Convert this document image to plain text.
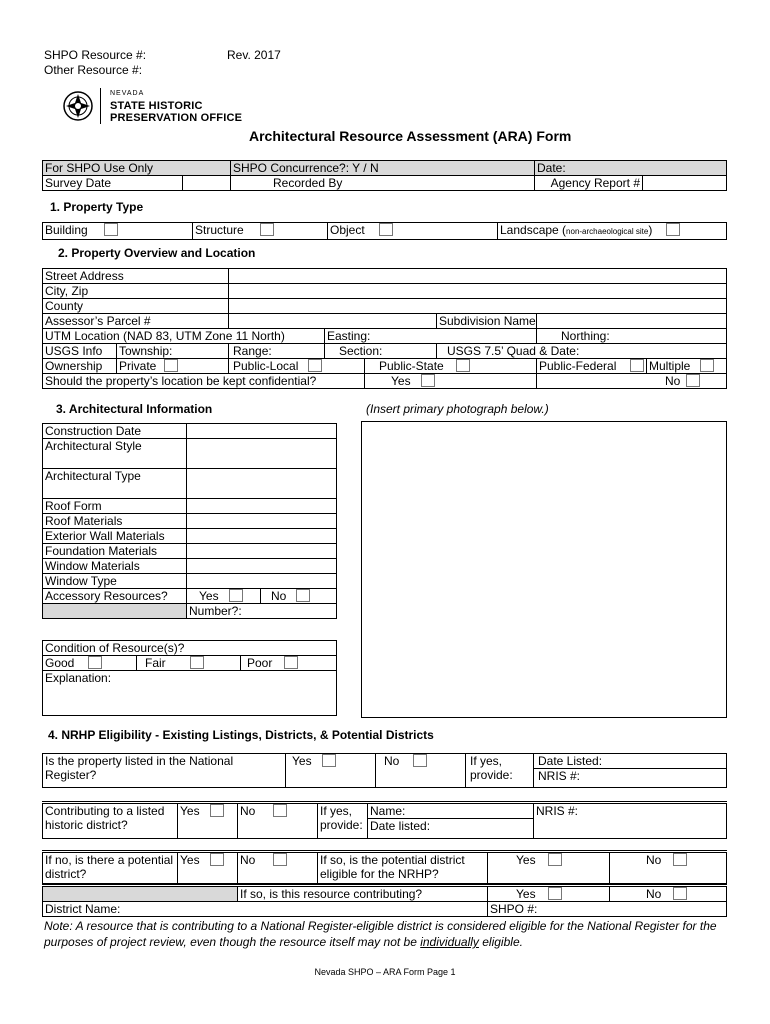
SHPO Resource #:	Rev. 2017
Other Resource #:
NEVADA
STATE HISTORIC
PRESERVATION OFFICE
Architectural Resource Assessment (ARA) Form
For SHPO Use Only		SHPO Concurrence?: Y / N	Date:	
Survey Date		Recorded By	Agency Report #	
1. Property Type
Building	Structure	Object	Landscape (non-archaeological site)
2. Property Overview and Location
Street Address							
City, Zip							
County							
Assessor’s Parcel #					Subdivision Name		
UTM Location (NAD 83, UTM Zone 11 North)			Easting:			Northing:	
USGS Info	Township:	Range:	Section:		USGS 7.5’ Quad & Date:		
Ownership	Private	Public-Local		Public-State		Public-Federal	Multiple
Should the property’s location be kept confidential?				Yes		No	
3. Architectural Information	(Insert primary photograph below.)
Construction Date		
Architectural Style		
Architectural Type		
Roof Form		
Roof Materials		
Exterior Wall Materials		
Foundation Materials		
Window Materials		
Window Type		
Accessory Resources?	Yes	No
	Number?:	
Condition of Resource(s)?
Good	Fair	Poor
Explanation:
4. NRHP Eligibility - Existing Listings, Districts, & Potential Districts
Is the property listed in the National Register?	Yes	No	If yes, provide:	Date Listed:
NRIS #:
Contributing to a listed historic district?	Yes	No	If yes, provide:	Name:	NRIS #:
Date listed:
If no, is there a potential district?	Yes	No	If so, is the potential district eligible for the NRHP?	Yes	No
	If so, is this resource contributing?	Yes	No
District Name:		SHPO #:	
Note: A resource that is contributing to a National Register-eligible district is considered eligible for the National Register for the purposes of project review, even though the resource itself may not be individually eligible.
Nevada SHPO – ARA Form Page 1
